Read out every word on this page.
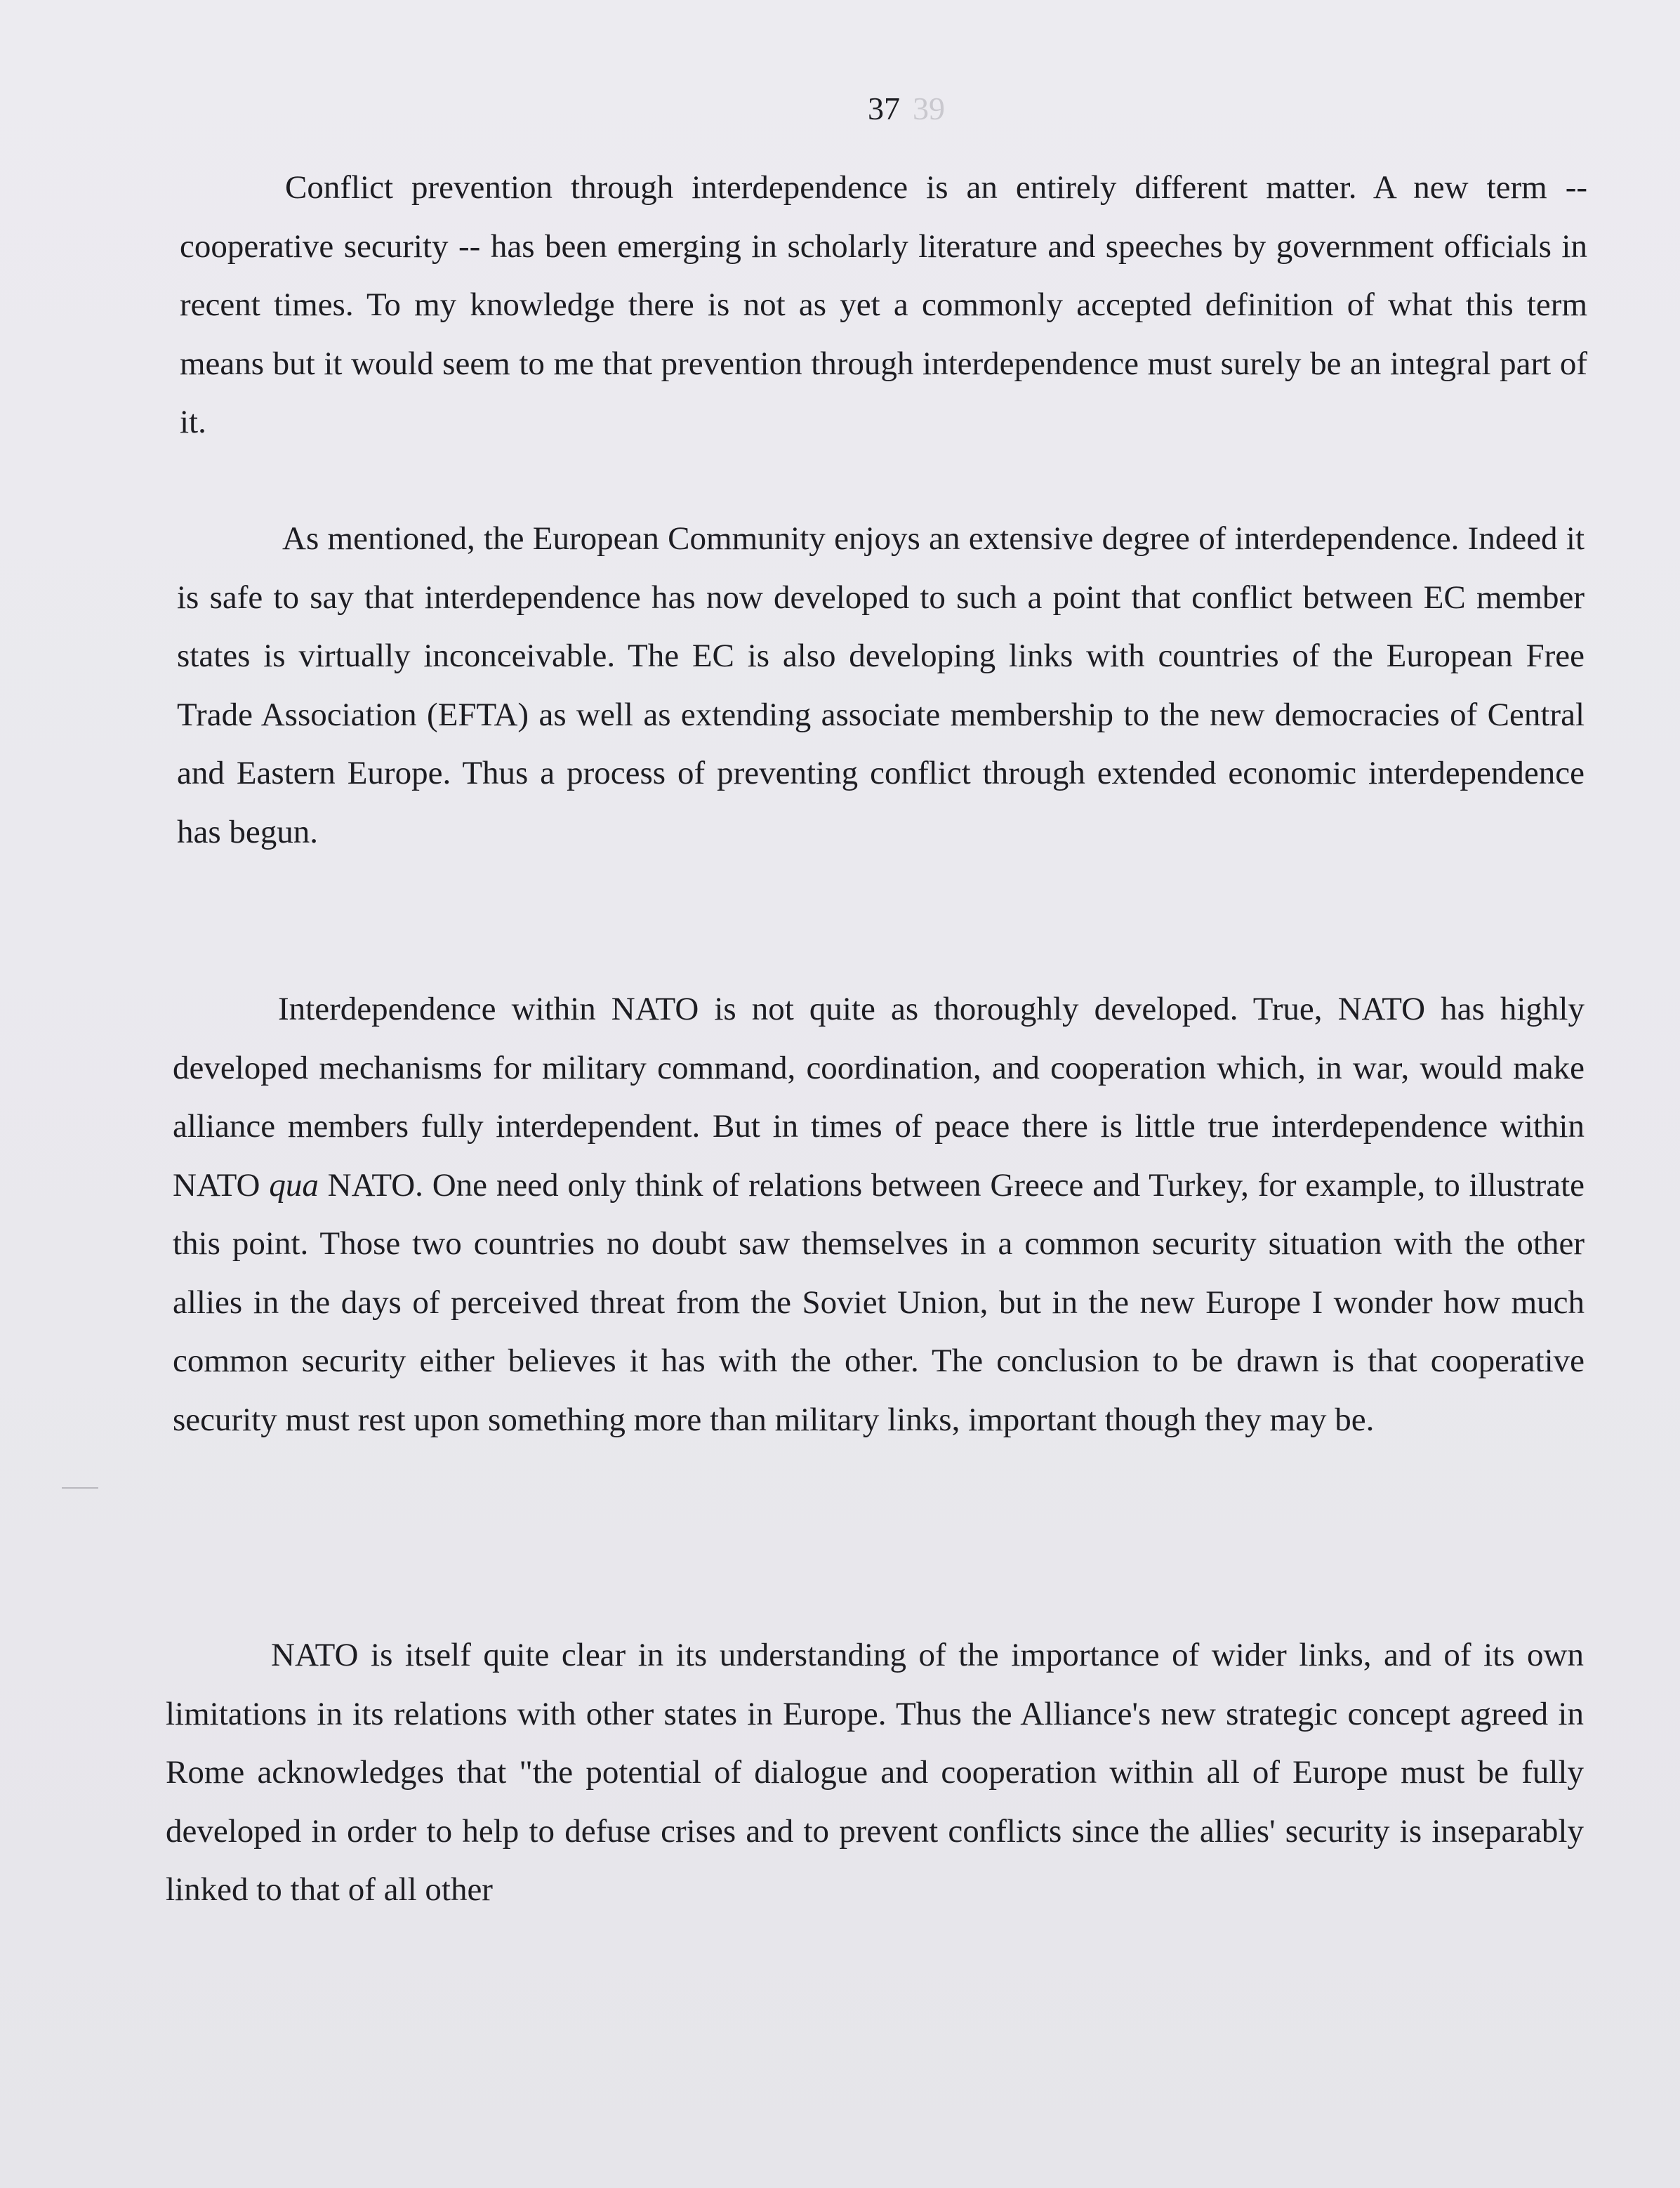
37 39

Conflict prevention through interdependence is an entirely different matter. A new term -- cooperative security -- has been emerging in scholarly literature and speeches by government officials in recent times. To my knowledge there is not as yet a commonly accepted definition of what this term means but it would seem to me that prevention through interdependence must surely be an integral part of it.

As mentioned, the European Community enjoys an extensive degree of interdependence. Indeed it is safe to say that interdependence has now developed to such a point that conflict between EC member states is virtually inconceivable. The EC is also developing links with countries of the European Free Trade Association (EFTA) as well as extending associate membership to the new democracies of Central and Eastern Europe. Thus a process of preventing conflict through extended economic interdependence has begun.

Interdependence within NATO is not quite as thoroughly developed. True, NATO has highly developed mechanisms for military command, coordination, and cooperation which, in war, would make alliance members fully interdependent. But in times of peace there is little true interdependence within NATO qua NATO. One need only think of relations between Greece and Turkey, for example, to illustrate this point. Those two countries no doubt saw themselves in a common security situation with the other allies in the days of perceived threat from the Soviet Union, but in the new Europe I wonder how much common security either believes it has with the other. The conclusion to be drawn is that cooperative security must rest upon something more than military links, important though they may be.

NATO is itself quite clear in its understanding of the importance of wider links, and of its own limitations in its relations with other states in Europe. Thus the Alliance's new strategic concept agreed in Rome acknowledges that "the potential of dialogue and cooperation within all of Europe must be fully developed in order to help to defuse crises and to prevent conflicts since the allies' security is inseparably linked to that of all other
